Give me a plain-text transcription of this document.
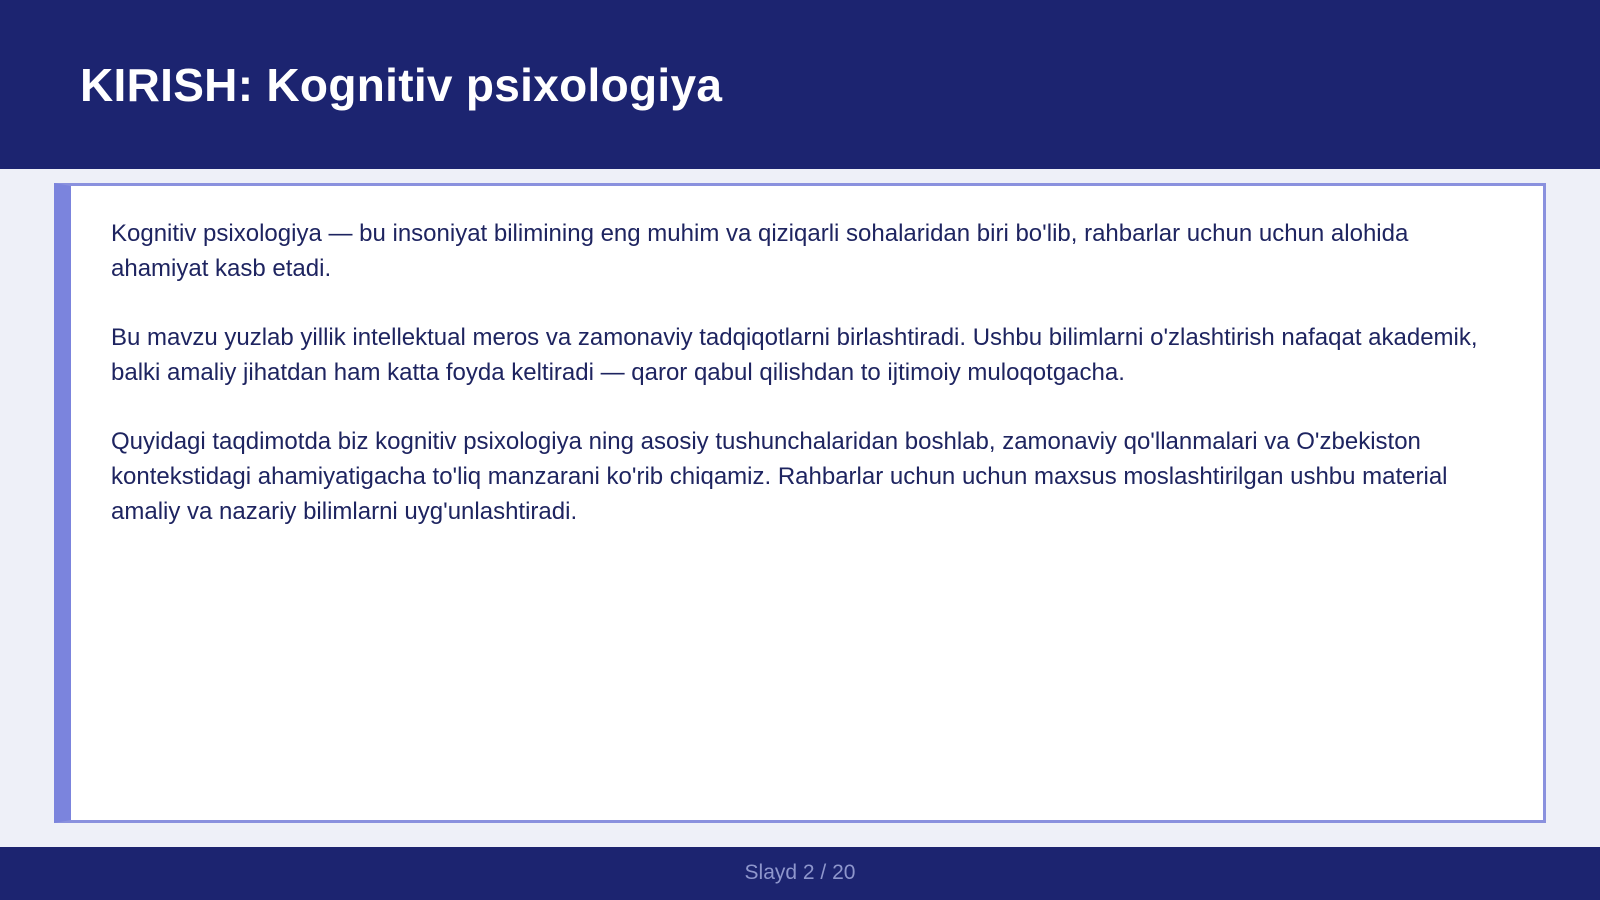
KIRISH: Kognitiv psixologiya

Kognitiv psixologiya — bu insoniyat bilimining eng muhim va qiziqarli sohalaridan biri bo'lib, rahbarlar uchun uchun alohida ahamiyat kasb etadi.

Bu mavzu yuzlab yillik intellektual meros va zamonaviy tadqiqotlarni birlashtiradi. Ushbu bilimlarni o'zlashtirish nafaqat akademik, balki amaliy jihatdan ham katta foyda keltiradi — qaror qabul qilishdan to ijtimoiy muloqotgacha.

Quyidagi taqdimotda biz kognitiv psixologiya ning asosiy tushunchalaridan boshlab, zamonaviy qo'llanmalari va O'zbekiston kontekstidagi ahamiyatigacha to'liq manzarani ko'rib chiqamiz. Rahbarlar uchun uchun maxsus moslashtirilgan ushbu material amaliy va nazariy bilimlarni uyg'unlashtiradi.

Slayd 2 / 20
